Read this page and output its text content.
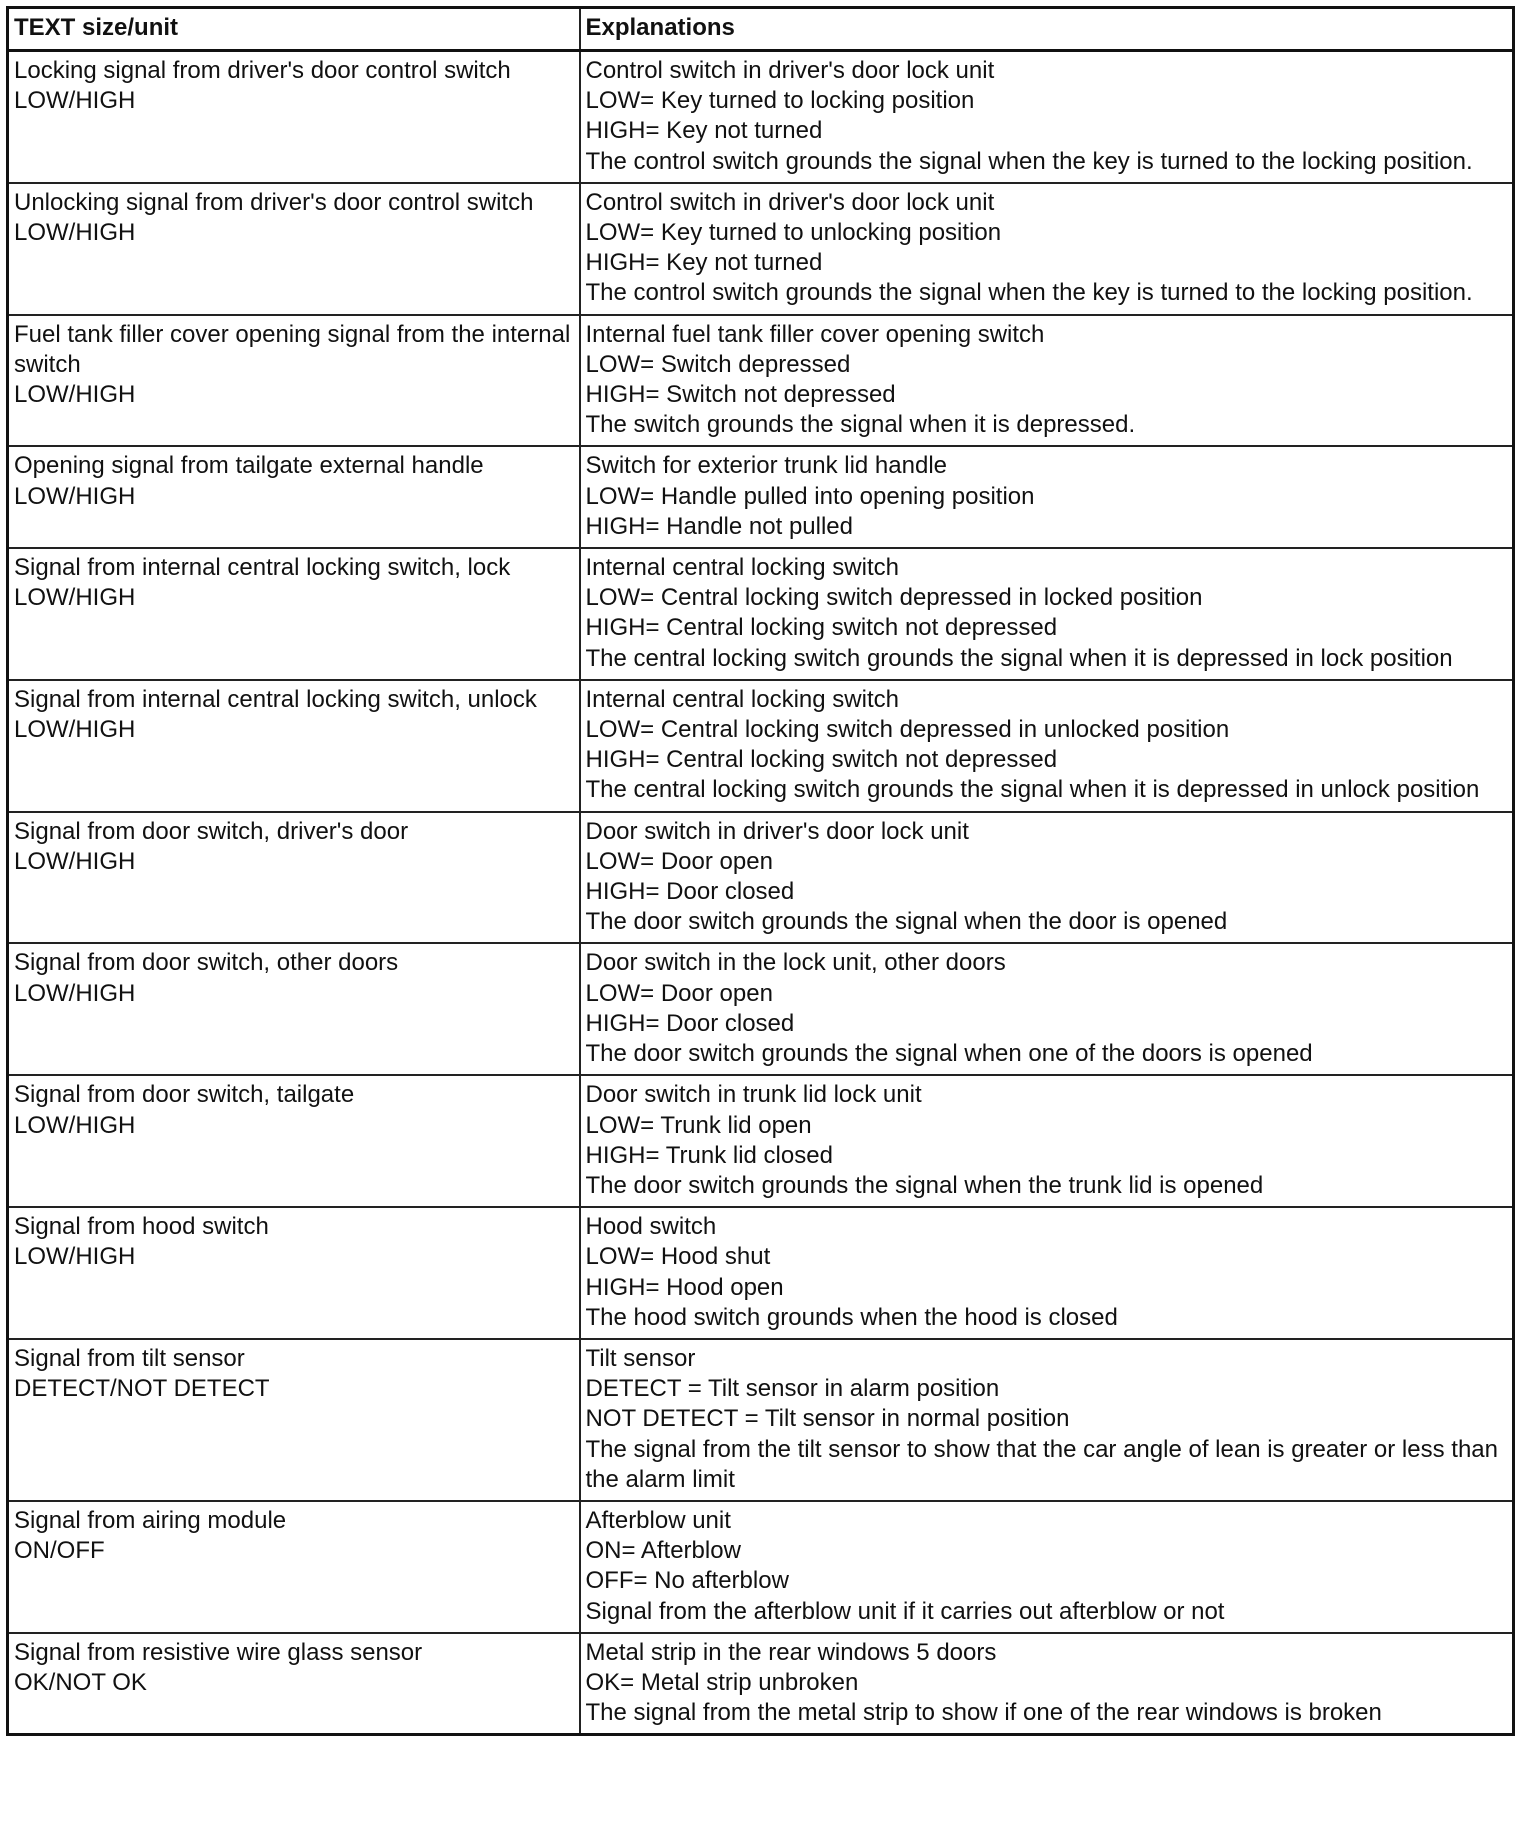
TEXT size/unit	Explanations

Locking signal from driver's door control switch
LOW/HIGH	Control switch in driver's door lock unit
LOW= Key turned to locking position
HIGH= Key not turned
The control switch grounds the signal when the key is turned to the locking position.

Unlocking signal from driver's door control switch
LOW/HIGH	Control switch in driver's door lock unit
LOW= Key turned to unlocking position
HIGH= Key not turned
The control switch grounds the signal when the key is turned to the locking position.

Fuel tank filler cover opening signal from the internal switch
LOW/HIGH	Internal fuel tank filler cover opening switch
LOW= Switch depressed
HIGH= Switch not depressed
The switch grounds the signal when it is depressed.

Opening signal from tailgate external handle
LOW/HIGH	Switch for exterior trunk lid handle
LOW= Handle pulled into opening position
HIGH= Handle not pulled

Signal from internal central locking switch, lock
LOW/HIGH	Internal central locking switch
LOW= Central locking switch depressed in locked position
HIGH= Central locking switch not depressed
The central locking switch grounds the signal when it is depressed in lock position

Signal from internal central locking switch, unlock
LOW/HIGH	Internal central locking switch
LOW= Central locking switch depressed in unlocked position
HIGH= Central locking switch not depressed
The central locking switch grounds the signal when it is depressed in unlock position

Signal from door switch, driver's door
LOW/HIGH	Door switch in driver's door lock unit
LOW= Door open
HIGH= Door closed
The door switch grounds the signal when the door is opened

Signal from door switch, other doors
LOW/HIGH	Door switch in the lock unit, other doors
LOW= Door open
HIGH= Door closed
The door switch grounds the signal when one of the doors is opened

Signal from door switch, tailgate
LOW/HIGH	Door switch in trunk lid lock unit
LOW= Trunk lid open
HIGH= Trunk lid closed
The door switch grounds the signal when the trunk lid is opened

Signal from hood switch
LOW/HIGH	Hood switch
LOW= Hood shut
HIGH= Hood open
The hood switch grounds when the hood is closed

Signal from tilt sensor
DETECT/NOT DETECT	Tilt sensor
DETECT = Tilt sensor in alarm position
NOT DETECT = Tilt sensor in normal position
The signal from the tilt sensor to show that the car angle of lean is greater or less than the alarm limit

Signal from airing module
ON/OFF	Afterblow unit
ON= Afterblow
OFF= No afterblow
Signal from the afterblow unit if it carries out afterblow or not

Signal from resistive wire glass sensor
OK/NOT OK	Metal strip in the rear windows 5 doors
OK= Metal strip unbroken
The signal from the metal strip to show if one of the rear windows is broken
